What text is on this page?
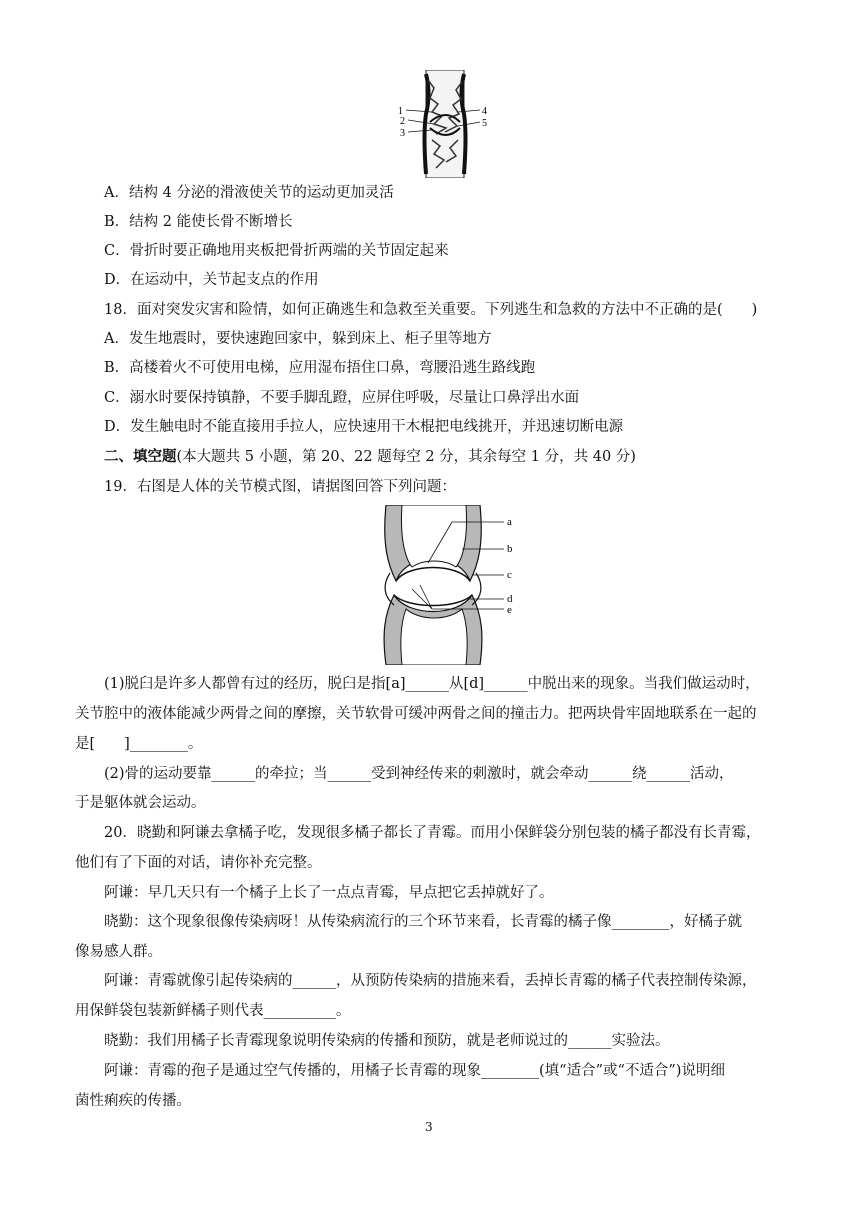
1
2
3
4
5
A．结构 4 分泌的滑液使关节的运动更加灵活
B．结构 2 能使长骨不断增长
C．骨折时要正确地用夹板把骨折两端的关节固定起来
D．在运动中，关节起支点的作用
18．面对突发灾害和险情，如何正确逃生和急救至关重要。下列逃生和急救的方法中不正确的是(　　)
A．发生地震时，要快速跑回家中，躲到床上、柜子里等地方
B．高楼着火不可使用电梯，应用湿布捂住口鼻，弯腰沿逃生路线跑
C．溺水时要保持镇静，不要手脚乱蹬，应屏住呼吸，尽量让口鼻浮出水面
D．发生触电时不能直接用手拉人，应快速用干木棍把电线挑开，并迅速切断电源
二、填空题(本大题共 5 小题，第 20、22 题每空 2 分，其余每空 1 分，共 40 分)
19．右图是人体的关节模式图，请据图回答下列问题：
a
b
c
d
e
(1)脱臼是许多人都曾有过的经历，脱臼是指[a]______从[d]______中脱出来的现象。当我们做运动时，
关节腔中的液体能减少两骨之间的摩擦，关节软骨可缓冲两骨之间的撞击力。把两块骨牢固地联系在一起的
是[　　]________。
(2)骨的运动要靠______的牵拉；当______受到神经传来的刺激时，就会牵动______绕______活动，
于是躯体就会运动。
20．晓勤和阿谦去拿橘子吃，发现很多橘子都长了青霉。而用小保鲜袋分别包装的橘子都没有长青霉，
他们有了下面的对话，请你补充完整。
阿谦：早几天只有一个橘子上长了一点点青霉，早点把它丢掉就好了。
晓勤：这个现象很像传染病呀！从传染病流行的三个环节来看，长青霉的橘子像________，好橘子就
像易感人群。
阿谦：青霉就像引起传染病的______，从预防传染病的措施来看，丢掉长青霉的橘子代表控制传染源，
用保鲜袋包装新鲜橘子则代表__________。
晓勤：我们用橘子长青霉现象说明传染病的传播和预防，就是老师说过的______实验法。
阿谦：青霉的孢子是通过空气传播的，用橘子长青霉的现象________(填“适合”或“不适合”)说明细
菌性痢疾的传播。
3
